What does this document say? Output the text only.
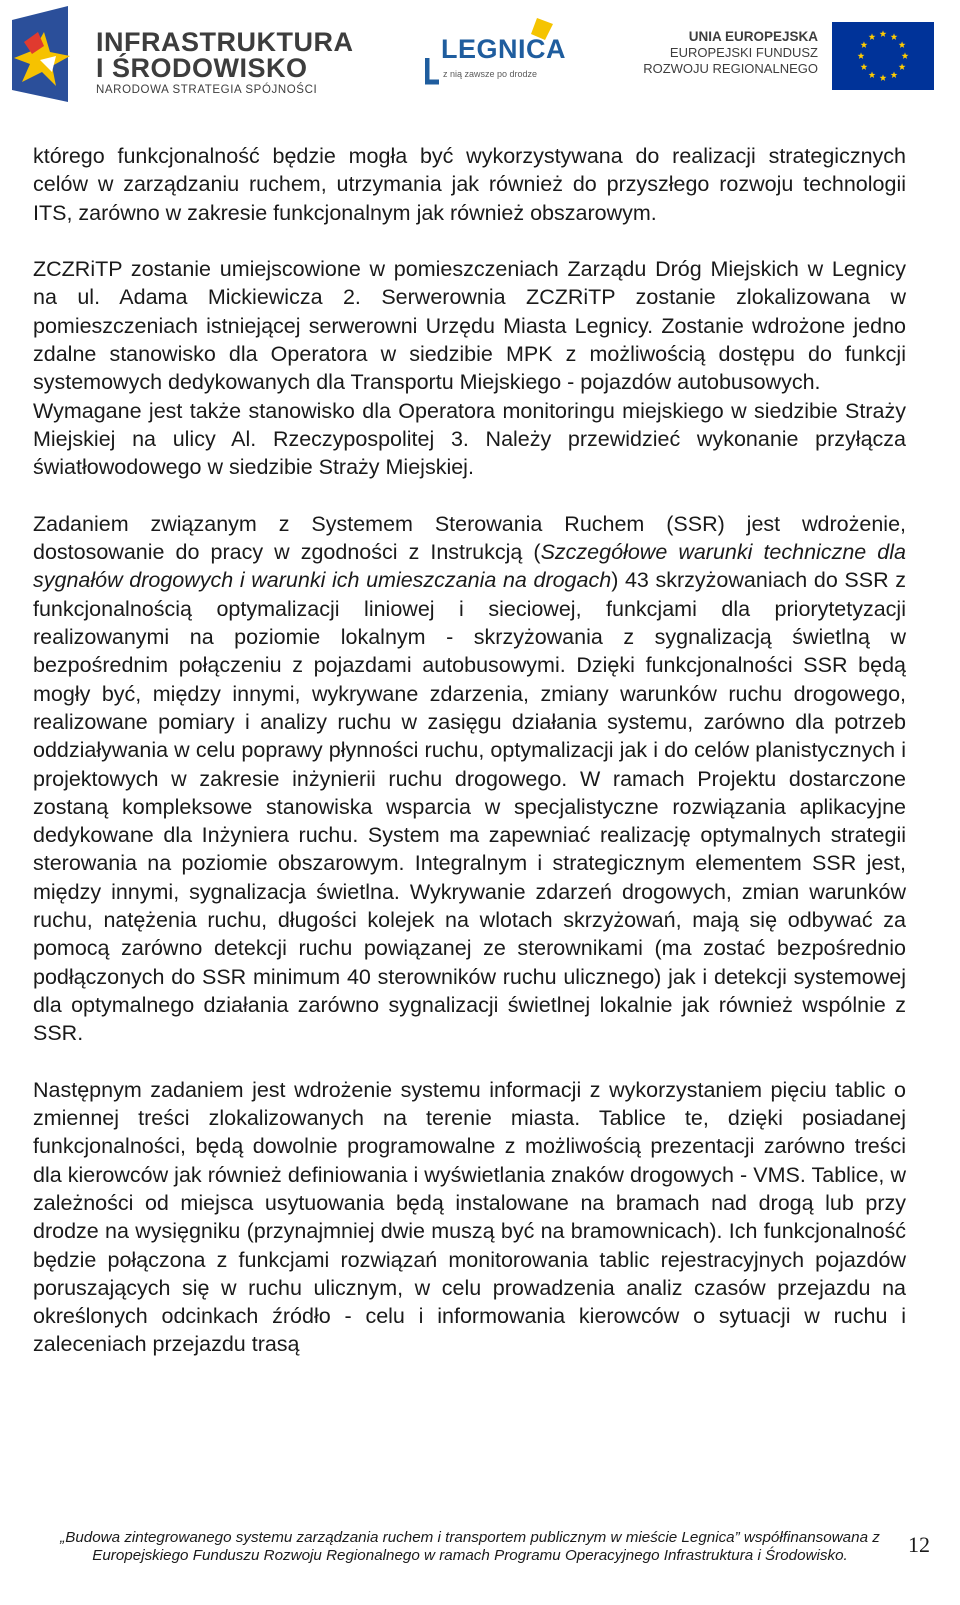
INFRASTRUKTURA
I ŚRODOWISKO
NARODOWA STRATEGIA SPÓJNOŚCI
LEGNICA
z nią zawsze po drodze
UNIA EUROPEJSKA
EUROPEJSKI FUNDUSZ
ROZWOJU REGIONALNEGO

którego funkcjonalność będzie mogła być wykorzystywana do realizacji strategicznych celów w zarządzaniu ruchem, utrzymania jak również do przyszłego rozwoju technologii ITS, zarówno w zakresie funkcjonalnym jak również obszarowym.

ZCZRiTP zostanie umiejscowione w pomieszczeniach Zarządu Dróg Miejskich w Legnicy na ul. Adama Mickiewicza 2. Serwerownia ZCZRiTP zostanie zlokalizowana w pomieszczeniach istniejącej serwerowni Urzędu Miasta Legnicy. Zostanie wdrożone jedno zdalne stanowisko dla Operatora w siedzibie MPK z możliwością dostępu do funkcji systemowych dedykowanych dla Transportu Miejskiego - pojazdów autobusowych.

Wymagane jest także stanowisko dla Operatora monitoringu miejskiego w siedzibie Straży Miejskiej na ulicy Al. Rzeczypospolitej 3. Należy przewidzieć wykonanie przyłącza światłowodowego w siedzibie Straży Miejskiej.

Zadaniem związanym z Systemem Sterowania Ruchem (SSR) jest wdrożenie, dostosowanie do pracy w zgodności z Instrukcją (Szczegółowe warunki techniczne dla sygnałów drogowych i warunki ich umieszczania na drogach) 43 skrzyżowaniach do SSR z funkcjonalnością optymalizacji liniowej i sieciowej, funkcjami dla priorytetyzacji realizowanymi na poziomie lokalnym - skrzyżowania z sygnalizacją świetlną w bezpośrednim połączeniu z pojazdami autobusowymi. Dzięki funkcjonalności SSR będą mogły być, między innymi, wykrywane zdarzenia, zmiany warunków ruchu drogowego, realizowane pomiary i analizy ruchu w zasięgu działania systemu, zarówno dla potrzeb oddziaływania w celu poprawy płynności ruchu, optymalizacji jak i do celów planistycznych i projektowych w zakresie inżynierii ruchu drogowego. W ramach Projektu dostarczone zostaną kompleksowe stanowiska wsparcia w specjalistyczne rozwiązania aplikacyjne dedykowane dla Inżyniera ruchu. System ma zapewniać realizację optymalnych strategii sterowania na poziomie obszarowym. Integralnym i strategicznym elementem SSR jest, między innymi, sygnalizacja świetlna. Wykrywanie zdarzeń drogowych, zmian warunków ruchu, natężenia ruchu, długości kolejek na wlotach skrzyżowań, mają się odbywać za pomocą zarówno detekcji ruchu powiązanej ze sterownikami (ma zostać bezpośrednio podłączonych do SSR minimum 40 sterowników ruchu ulicznego) jak i detekcji systemowej dla optymalnego działania zarówno sygnalizacji świetlnej lokalnie jak również wspólnie z SSR.

Następnym zadaniem jest wdrożenie systemu informacji z wykorzystaniem pięciu tablic o zmiennej treści zlokalizowanych na terenie miasta. Tablice te, dzięki posiadanej funkcjonalności, będą dowolnie programowalne z możliwością prezentacji zarówno treści dla kierowców jak również definiowania i wyświetlania znaków drogowych - VMS. Tablice, w zależności od miejsca usytuowania będą instalowane na bramach nad drogą lub przy drodze na wysięgniku (przynajmniej dwie muszą być na bramownicach). Ich funkcjonalność będzie połączona z funkcjami rozwiązań monitorowania tablic rejestracyjnych pojazdów poruszających się w ruchu ulicznym, w celu prowadzenia analiz czasów przejazdu na określonych odcinkach źródło - celu i informowania kierowców o sytuacji w ruchu i zaleceniach przejazdu trasą

„Budowa zintegrowanego systemu zarządzania ruchem i transportem publicznym w mieście Legnica” współfinansowana z
Europejskiego Funduszu Rozwoju Regionalnego w ramach Programu Operacyjnego Infrastruktura i Środowisko.	12
